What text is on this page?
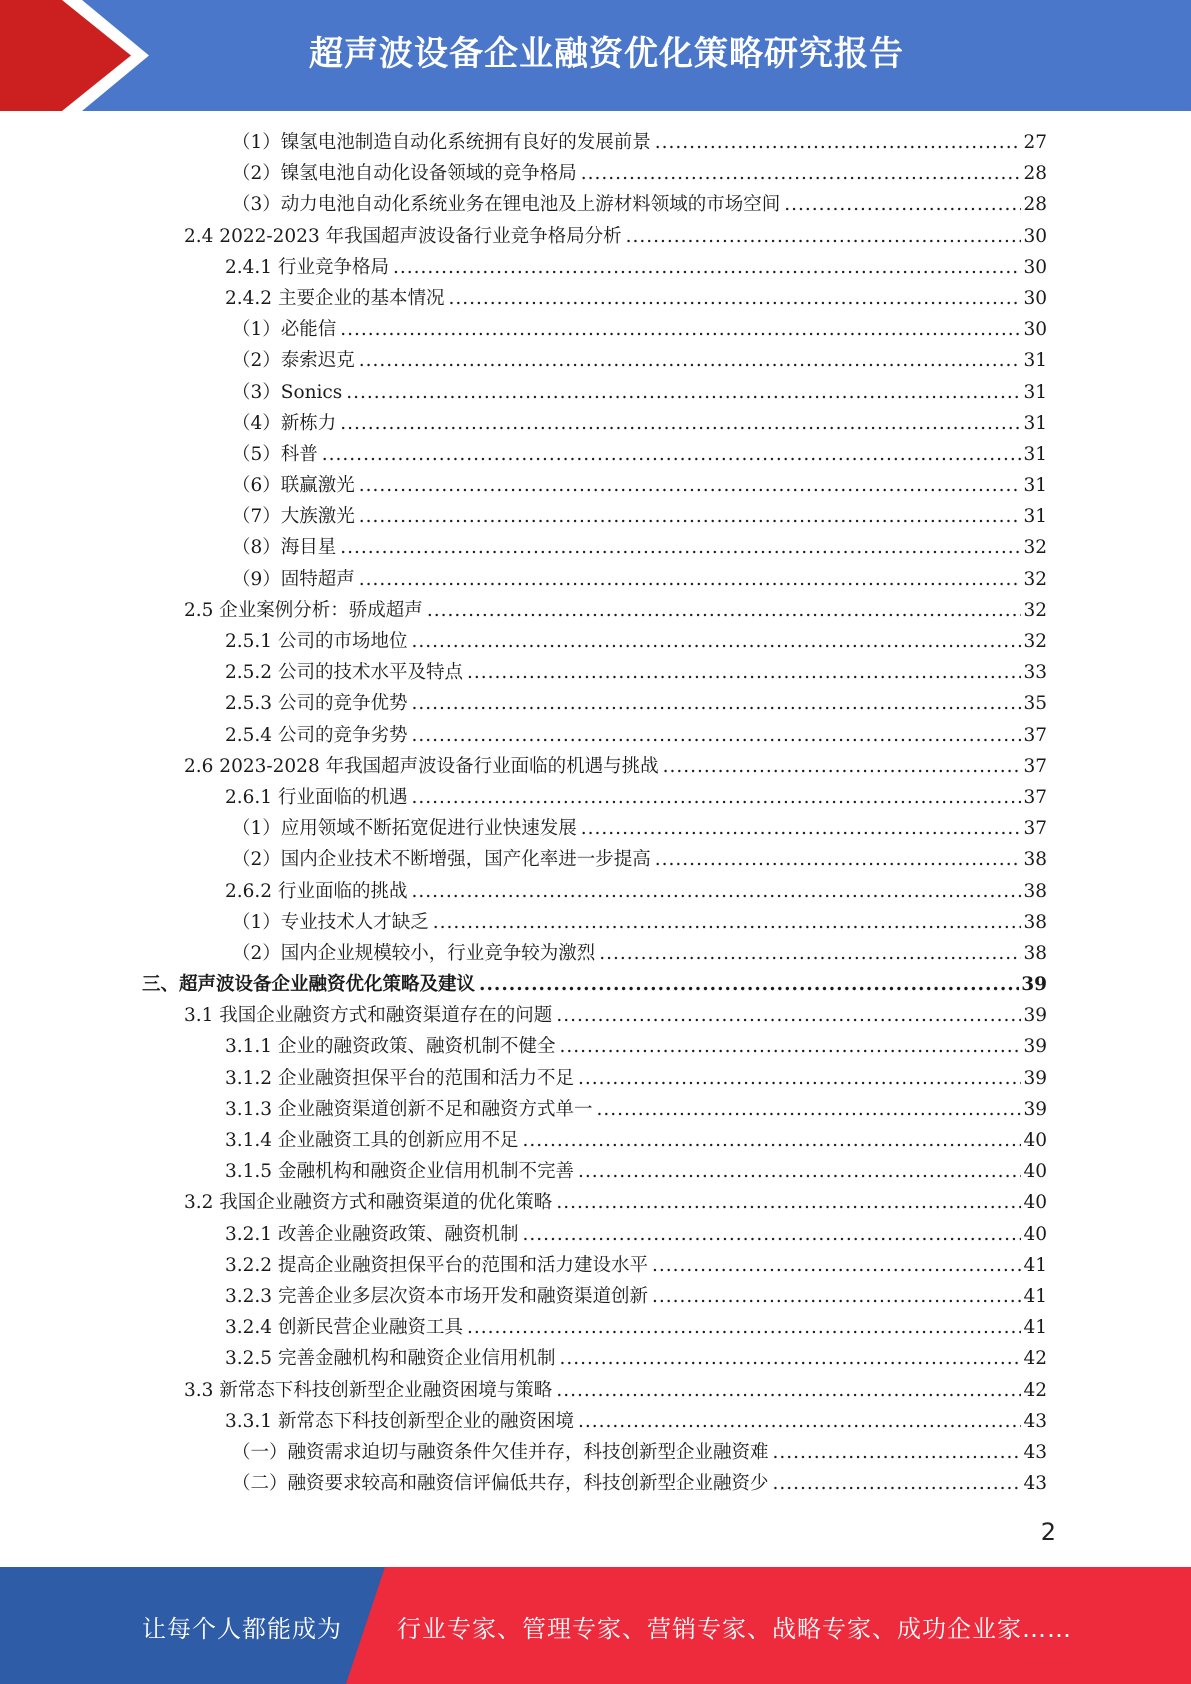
超声波设备企业融资优化策略研究报告
（1）镍氢电池制造自动化系统拥有良好的发展前景 .....	27
（2）镍氢电池自动化设备领域的竞争格局 .....	28
（3）动力电池自动化系统业务在锂电池及上游材料领域的市场空间 .....	28
2.4 2022-2023 年我国超声波设备行业竞争格局分析 .....	30
2.4.1 行业竞争格局 .....	30
2.4.2 主要企业的基本情况 .....	30
（1）必能信 .....	30
（2）泰索迟克 .....	31
（3）Sonics .....	31
（4）新栋力 .....	31
（5）科普 .....	31
（6）联赢激光 .....	31
（7）大族激光 .....	31
（8）海目星 .....	32
（9）固特超声 .....	32
2.5 企业案例分析：骄成超声 .....	32
2.5.1 公司的市场地位 .....	32
2.5.2 公司的技术水平及特点 .....	33
2.5.3 公司的竞争优势 .....	35
2.5.4 公司的竞争劣势 .....	37
2.6 2023-2028 年我国超声波设备行业面临的机遇与挑战 .....	37
2.6.1 行业面临的机遇 .....	37
（1）应用领域不断拓宽促进行业快速发展 .....	37
（2）国内企业技术不断增强，国产化率进一步提高 .....	38
2.6.2 行业面临的挑战 .....	38
（1）专业技术人才缺乏 .....	38
（2）国内企业规模较小，行业竞争较为激烈 .....	38
三、超声波设备企业融资优化策略及建议 .....	39
3.1 我国企业融资方式和融资渠道存在的问题 .....	39
3.1.1 企业的融资政策、融资机制不健全 .....	39
3.1.2 企业融资担保平台的范围和活力不足 .....	39
3.1.3 企业融资渠道创新不足和融资方式单一 .....	39
3.1.4 企业融资工具的创新应用不足 .....	40
3.1.5 金融机构和融资企业信用机制不完善 .....	40
3.2 我国企业融资方式和融资渠道的优化策略 .....	40
3.2.1 改善企业融资政策、融资机制 .....	40
3.2.2 提高企业融资担保平台的范围和活力建设水平 .....	41
3.2.3 完善企业多层次资本市场开发和融资渠道创新 .....	41
3.2.4 创新民营企业融资工具 .....	41
3.2.5 完善金融机构和融资企业信用机制 .....	42
3.3 新常态下科技创新型企业融资困境与策略 .....	42
3.3.1 新常态下科技创新型企业的融资困境 .....	43
（一）融资需求迫切与融资条件欠佳并存，科技创新型企业融资难 .....	43
（二）融资要求较高和融资信评偏低共存，科技创新型企业融资少 .....	43
2
让每个人都能成为 行业专家、管理专家、营销专家、战略专家、成功企业家……
